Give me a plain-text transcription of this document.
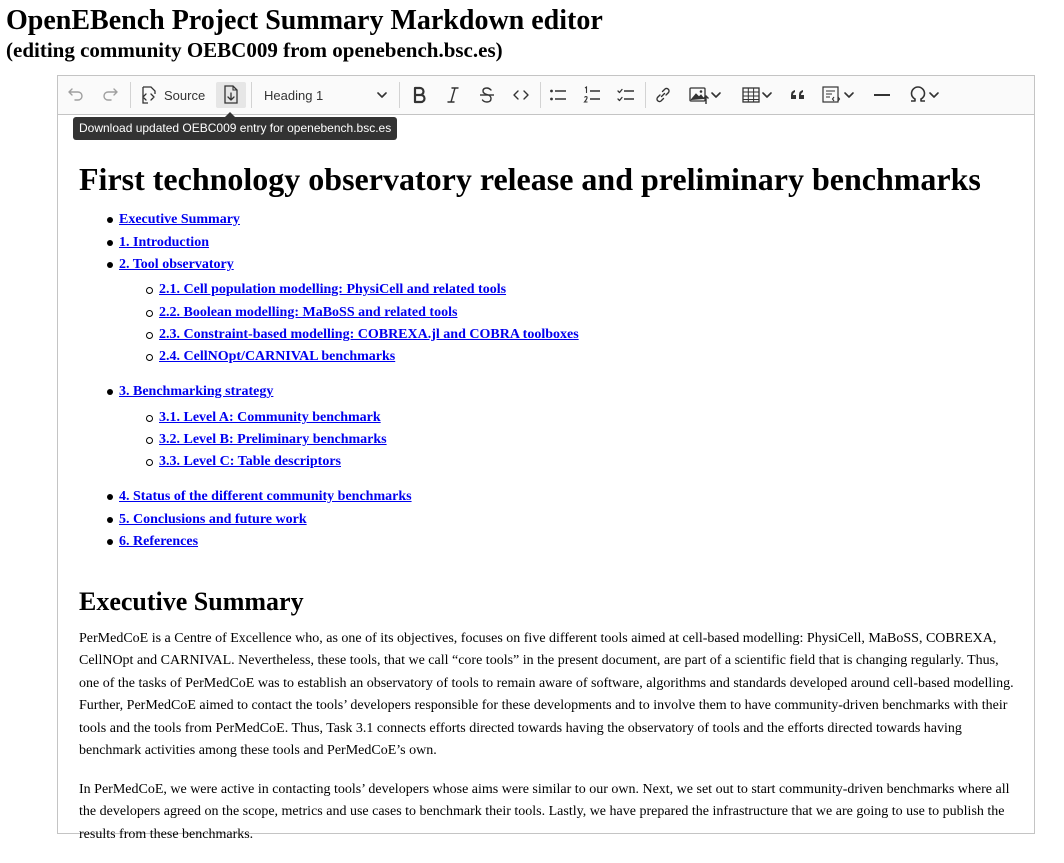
OpenEBench Project Summary Markdown editor
(editing community OEBC009 from openebench.bsc.es)
Source	Heading 1
Download updated OEBC009 entry for openebench.bsc.es
First technology observatory release and preliminary benchmarks
Executive Summary
1. Introduction
2. Tool observatory
2.1. Cell population modelling: PhysiCell and related tools
2.2. Boolean modelling: MaBoSS and related tools
2.3. Constraint-based modelling: COBREXA.jl and COBRA toolboxes
2.4. CellNOpt/CARNIVAL benchmarks
3. Benchmarking strategy
3.1. Level A: Community benchmark
3.2. Level B: Preliminary benchmarks
3.3. Level C: Table descriptors
4. Status of the different community benchmarks
5. Conclusions and future work
6. References
Executive Summary

PerMedCoE is a Centre of Excellence who, as one of its objectives, focuses on five different tools aimed at cell-based modelling: PhysiCell, MaBoSS, COBREXA, CellNOpt and CARNIVAL. Nevertheless, these tools, that we call “core tools” in the present document, are part of a scientific field that is changing regularly. Thus, one of the tasks of PerMedCoE was to establish an observatory of tools to remain aware of software, algorithms and standards developed around cell-based modelling. Further, PerMedCoE aimed to contact the tools’ developers responsible for these developments and to involve them to have community-driven benchmarks with their tools and the tools from PerMedCoE. Thus, Task 3.1 connects efforts directed towards having the observatory of tools and the efforts directed towards having benchmark activities among these tools and PerMedCoE’s own.

In PerMedCoE, we were active in contacting tools’ developers whose aims were similar to our own. Next, we set out to start community-driven benchmarks where all the developers agreed on the scope, metrics and use cases to benchmark their tools. Lastly, we have prepared the infrastructure that we are going to use to publish the results from these benchmarks.
